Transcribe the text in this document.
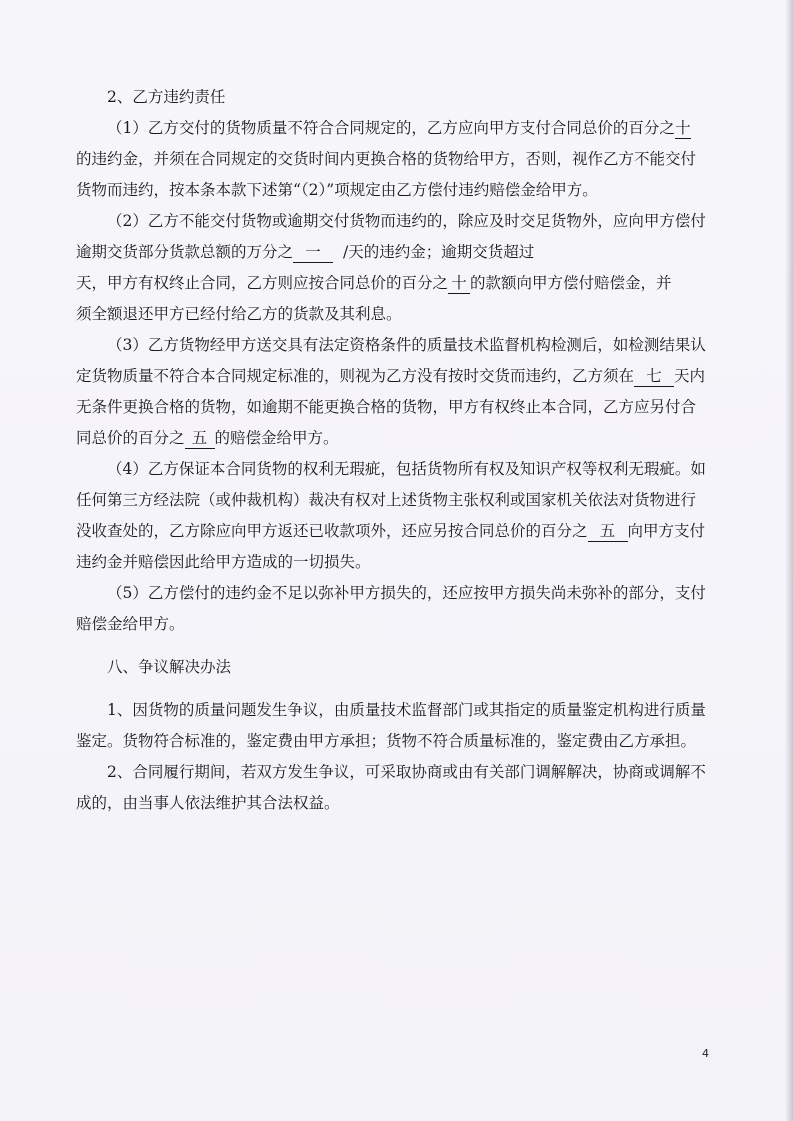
2、乙方违约责任

（1）乙方交付的货物质量不符合合同规定的，乙方应向甲方支付合同总价的百分之十

的违约金，并须在合同规定的交货时间内更换合格的货物给甲方，否则，视作乙方不能交付

货物而违约，按本条本款下述第“（2）”项规定由乙方偿付违约赔偿金给甲方。

（2）乙方不能交付货物或逾期交付货物而违约的，除应及时交足货物外，应向甲方偿付

逾期交货部分货款总额的万分之 一 /天的违约金；逾期交货超过

天，甲方有权终止合同，乙方则应按合同总价的百分之 十 的款额向甲方偿付赔偿金，并

须全额退还甲方已经付给乙方的货款及其利息。

（3）乙方货物经甲方送交具有法定资格条件的质量技术监督机构检测后，如检测结果认

定货物质量不符合本合同规定标准的，则视为乙方没有按时交货而违约，乙方须在 七 天内

无条件更换合格的货物，如逾期不能更换合格的货物，甲方有权终止本合同，乙方应另付合

同总价的百分之 五 的赔偿金给甲方。

（4）乙方保证本合同货物的权利无瑕疵，包括货物所有权及知识产权等权利无瑕疵。如

任何第三方经法院（或仲裁机构）裁决有权对上述货物主张权利或国家机关依法对货物进行

没收查处的，乙方除应向甲方返还已收款项外，还应另按合同总价的百分之 五 向甲方支付

违约金并赔偿因此给甲方造成的一切损失。

（5）乙方偿付的违约金不足以弥补甲方损失的，还应按甲方损失尚未弥补的部分，支付

赔偿金给甲方。

八、争议解决办法

1、因货物的质量问题发生争议，由质量技术监督部门或其指定的质量鉴定机构进行质量

鉴定。货物符合标准的，鉴定费由甲方承担；货物不符合质量标准的，鉴定费由乙方承担。

2、合同履行期间，若双方发生争议，可采取协商或由有关部门调解解决，协商或调解不

成的，由当事人依法维护其合法权益。

4
